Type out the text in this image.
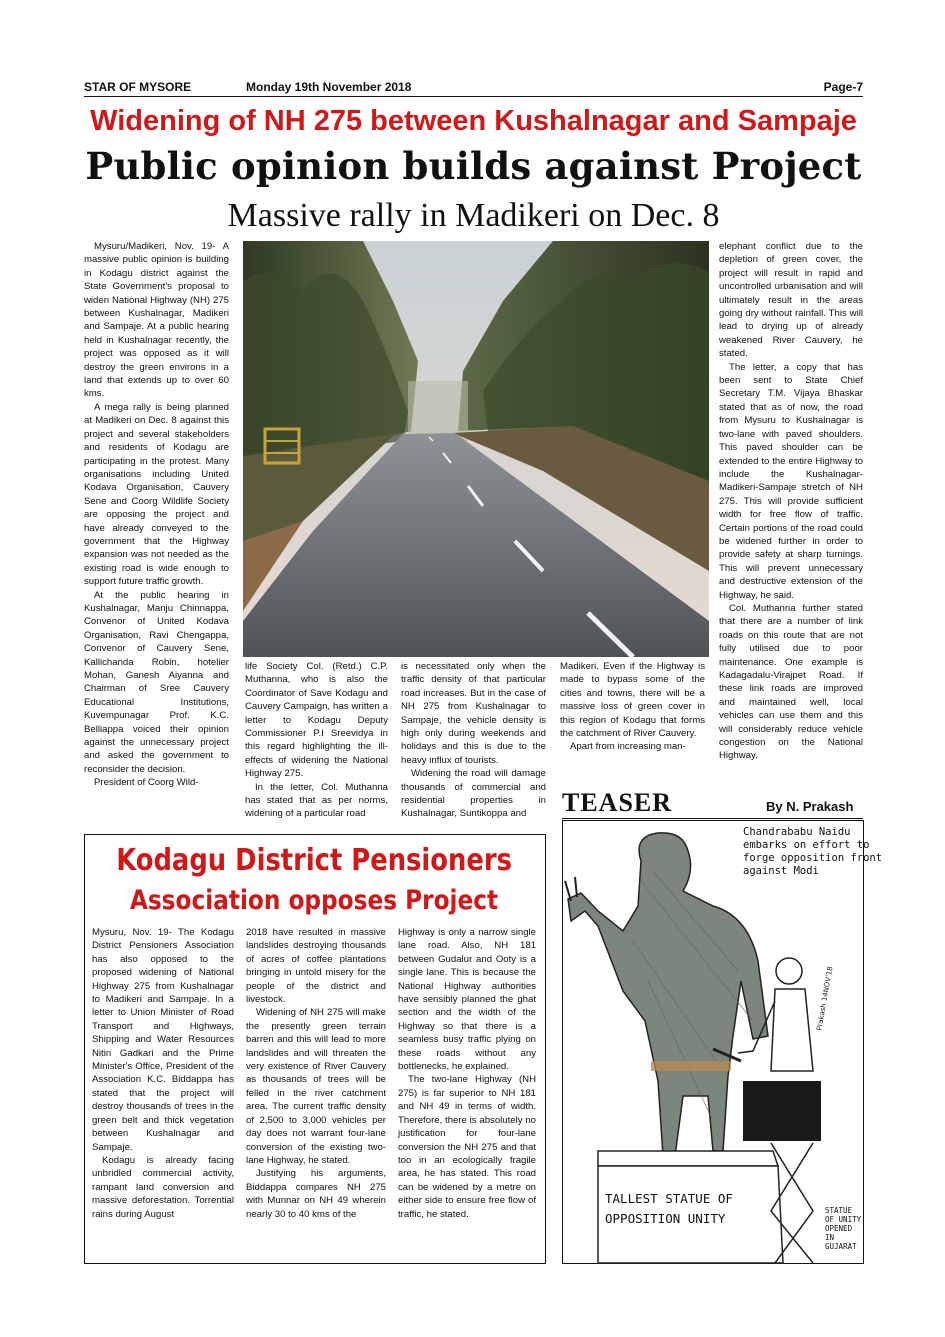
STAR OF MYSORE	Monday 19th November 2018	Page-7
Widening of NH 275 between Kushalnagar and Sampaje
Public opinion builds against Project
Massive rally in Madikeri on Dec. 8

Mysuru/Madikeri, Nov. 19- A massive public opinion is building in Kodagu district against the State Government's proposal to widen National Highway (NH) 275 between Kushalnagar, Madikeri and Sampaje. At a public hearing held in Kushalnagar recently, the project was opposed as it will destroy the green environs in a land that extends up to over 60 kms.

A mega rally is being planned at Madikeri on Dec. 8 against this project and several stakeholders and residents of Kodagu are participating in the protest. Many organisations including United Kodava Organisation, Cauvery Sene and Coorg Wildlife Society are opposing the project and have already conveyed to the government that the Highway expansion was not needed as the existing road is wide enough to support future traffic growth.

At the public hearing in Kushalnagar, Manju Chinnappa, Convenor of United Kodava Organisation, Ravi Chengappa, Convenor of Cauvery Sene, Kallichanda Robin, hotelier Mohan, Ganesh Aiyanna and Chairman of Sree Cauvery Educational Institutions, Kuvempunagar Prof. K.C. Belliappa voiced their opinion against the unnecessary project and asked the government to reconsider the decision.

President of Coorg Wild-

life Society Col. (Retd.) C.P. Muthanna, who is also the Coordinator of Save Kodagu and Cauvery Campaign, has written a letter to Kodagu Deputy Commissioner P.I Sreevidya in this regard highlighting the ill-effects of widening the National Highway 275.

In the letter, Col. Muthanna has stated that as per norms, widening of a particular road

is necessitated only when the traffic density of that particular road increases. But in the case of NH 275 from Kushalnagar to Sampaje, the vehicle density is high only during weekends and holidays and this is due to the heavy influx of tourists.

Widening the road will damage thousands of commercial and residential properties in Kushalnagar, Suntikoppa and

Madikeri. Even if the Highway is made to bypass some of the cities and towns, there will be a massive loss of green cover in this region of Kodagu that forms the catchment of River Cauvery.

Apart from increasing man-

elephant conflict due to the depletion of green cover, the project will result in rapid and uncontrolled urbanisation and will ultimately result in the areas going dry without rainfall. This will lead to drying up of already weakened River Cauvery, he stated.

The letter, a copy that has been sent to State Chief Secretary T.M. Vijaya Bhaskar stated that as of now, the road from Mysuru to Kushalnagar is two-lane with paved shoulders. This paved shoulder can be extended to the entire Highway to include the Kushalnagar-Madikeri-Sampaje stretch of NH 275. This will provide sufficient width for free flow of traffic. Certain portions of the road could be widened further in order to provide safety at sharp turnings. This will prevent unnecessary and destructive extension of the Highway, he said.

Col. Muthanna further stated that there are a number of link roads on this route that are not fully utilised due to poor maintenance. One example is Kadagadalu-Virajpet Road. If these link roads are improved and maintained well, local vehicles can use them and this will considerably reduce vehicle congestion on the National Highway.

Kodagu District Pensioners
Association opposes Project

Mysuru, Nov. 19- The Kodagu District Pensioners Association has also opposed to the proposed widening of National Highway 275 from Kushalnagar to Madikeri and Sampaje. In a letter to Union Minister of Road Transport and Highways, Shipping and Water Resources Nitin Gadkari and the Prime Minister's Office, President of the Association K.C. Biddappa has stated that the project will destroy thousands of trees in the green belt and thick vegetation between Kushalnagar and Sampaje.

Kodagu is already facing unbridled commercial activity, rampant land conversion and massive deforestation. Torrential rains during August

2018 have resulted in massive landslides destroying thousands of acres of coffee plantations bringing in untold misery for the people of the district and livestock.

Widening of NH 275 will make the presently green terrain barren and this will lead to more landslides and will threaten the very existence of River Cauvery as thousands of trees will be felled in the river catchment area. The current traffic density of 2,500 to 3,000 vehicles per day does not warrant four-lane conversion of the existing two-lane Highway, he stated.

Justifying his arguments, Biddappa compares NH 275 with Munnar on NH 49 wherein nearly 30 to 40 kms of the

Highway is only a narrow single lane road. Also, NH 181 between Gudalur and Ooty is a single lane. This is because the National Highway authorities have sensibly planned the ghat section and the width of the Highway so that there is a seamless busy traffic plying on these roads without any bottlenecks, he explained.

The two-lane Highway (NH 275) is far superior to NH 181 and NH 49 in terms of width. Therefore, there is absolutely no justification for four-lane conversion the NH 275 and that too in an ecologically fragile area, he has stated. This road can be widened by a metre on either side to ensure free flow of traffic, he stated.

TEASER	By N. Prakash
Chandrababu Naidu
embarks on effort to
forge opposition front
against Modi
TALLEST STATUE OF
OPPOSITION UNITY
STATUE
OF UNITY
OPENED
IN
GUJARAT
Prakash 14NOV'18
